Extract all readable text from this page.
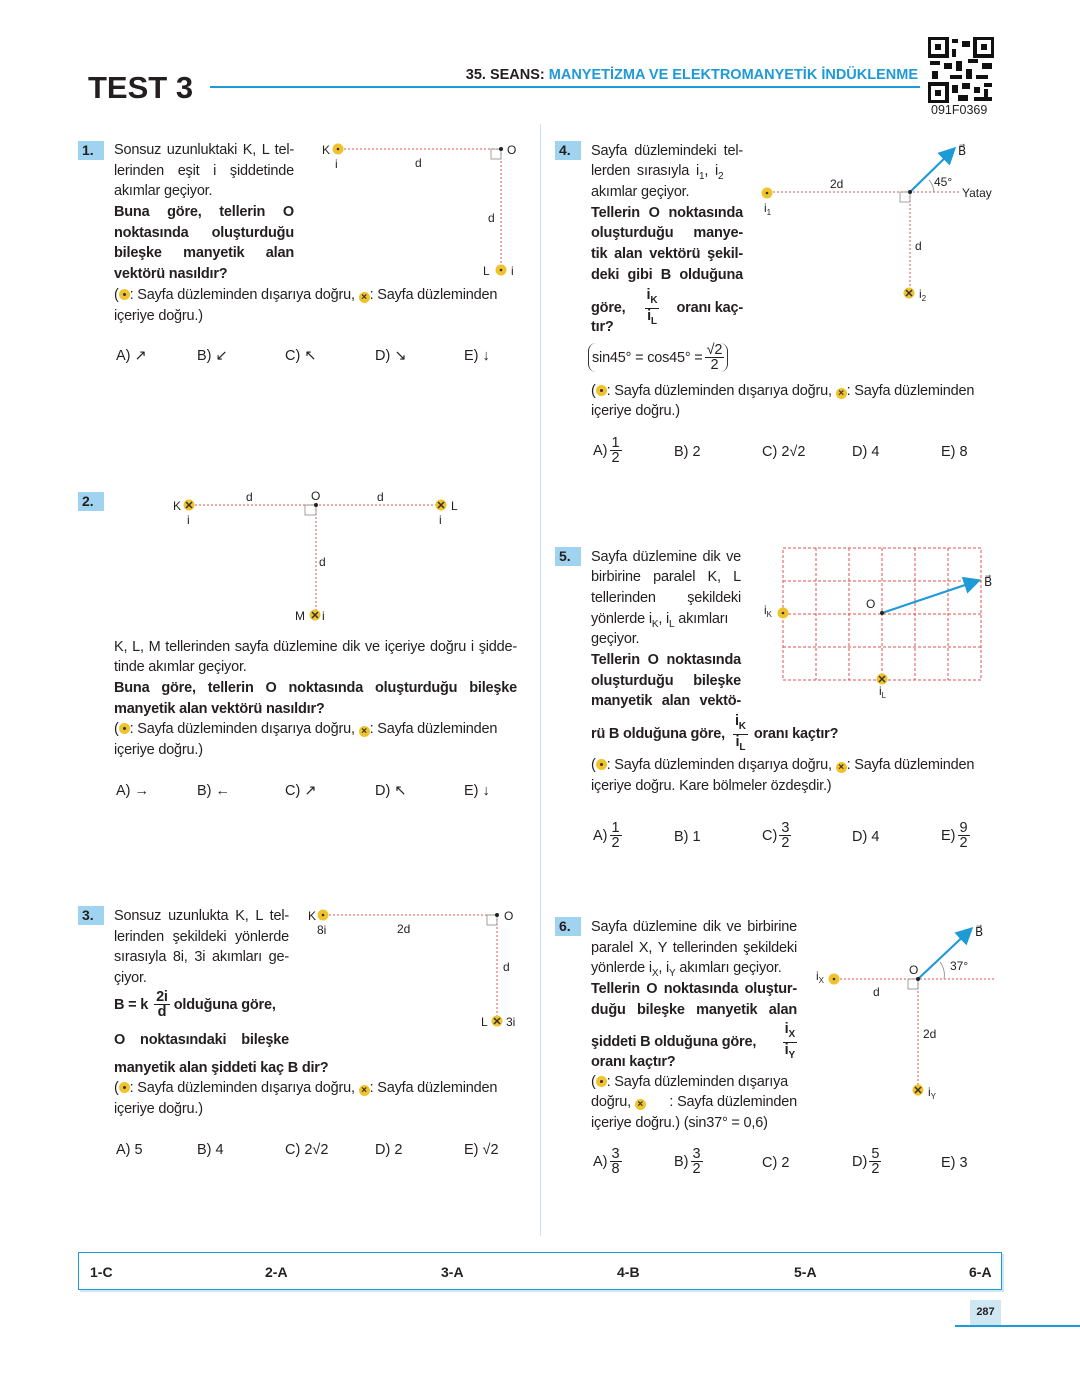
TEST 3	35. SEANS: MANYETİZMA VE ELEKTROMANYETİK İNDÜKLENME
091F0369
K
i	d
O
d
L i
K
i
d	O	d
L
i
d
M i
K
8i	2d
O
d
L 3i
$i_1$
2d	45°
Yatay
B⃗
d
$i_2$
$i_K$
O
B⃗
$i_L$
$i_X$
O	37°
B⃗
d
2d
$i_Y$
1.	Sonsuz uzunluktaki K, L tel-
lerinden eşit i şiddetinde
akımlar geçiyor.
Buna göre, tellerin O
noktasında oluşturduğu
bileşke manyetik alan
vektörü nasıldır?
( : Sayfa düzleminden dışarıya doğru, × : Sayfa düzleminden
içeriye doğru.)
A) ↗	B) ↙	C) ↖	D) ↘	E) ↓
2.
K, L, M tellerinden sayfa düzlemine dik ve içeriye doğru i şidde-
tinde akımlar geçiyor.
Buna göre, tellerin O noktasında oluşturduğu bileşke
manyetik alan vektörü nasıldır?
( : Sayfa düzleminden dışarıya doğru, × : Sayfa düzleminden
içeriye doğru.)
A) →	B) ←	C) ↗	D) ↖	E) ↓
3.	Sonsuz uzunlukta K, L tel-
lerinden şekildeki yönlerde
sırasıyla 8i, 3i akımları ge-
çiyor.
B = k $\frac{2i}{d}$ olduğuna göre,
O noktasındaki bileşke
manyetik alan şiddeti kaç B dir?
( : Sayfa düzleminden dışarıya doğru, × : Sayfa düzleminden
içeriye doğru.)
A) 5	B) 4	C) 2√2	D) 2	E) √2
4.	Sayfa düzlemindeki tel-
lerden sırasıyla $i_1$, $i_2$
akımlar geçiyor.
Tellerin O noktasında
oluşturduğu manye-
tik alan vektörü şekil-
deki gibi B olduğuna
göre, $\frac{i_K}{i_L}$ oranı kaç-
tır?
$\sin 45^\circ = \cos 45^\circ = \frac{√2}{2}$
( : Sayfa düzleminden dışarıya doğru, × : Sayfa düzleminden
içeriye doğru.)
$A) \frac{1}{2}$	B) 2	C) 2√2	D) 4	E) 8
5.	Sayfa düzlemine dik ve
birbirine paralel K, L
tellerinden şekildeki
yönlerde $i_K$, $i_L$ akımları
geçiyor.
Tellerin O noktasında
oluşturduğu bileşke
manyetik alan vektö-
rü B olduğuna göre, $\frac{i_K}{i_L}$ oranı kaçtır?
( : Sayfa düzleminden dışarıya doğru, × : Sayfa düzleminden
içeriye doğru. Kare bölmeler özdeşdir.)
$A) \frac{1}{2}$	B) 1	$C) \frac{3}{2}$	D) 4	$E) \frac{9}{2}$
6.	Sayfa düzlemine dik ve birbirine
paralel X, Y tellerinden şekildeki
yönlerde $i_X$, $i_Y$ akımları geçiyor.
Tellerin O noktasında oluştur-
duğu bileşke manyetik alan
şiddeti B olduğuna göre, $\frac{i_X}{i_Y}$
oranı kaçtır?
( : Sayfa düzleminden dışarıya
doğru, × : Sayfa düzleminden
içeriye doğru.) (sin37° = 0,6)
$A) \frac{3}{8}$	$B) \frac{3}{2}$	C) 2	$D) \frac{5}{2}$	E) 3
1-C	2-A	3-A	4-B	5-A	6-A
287
